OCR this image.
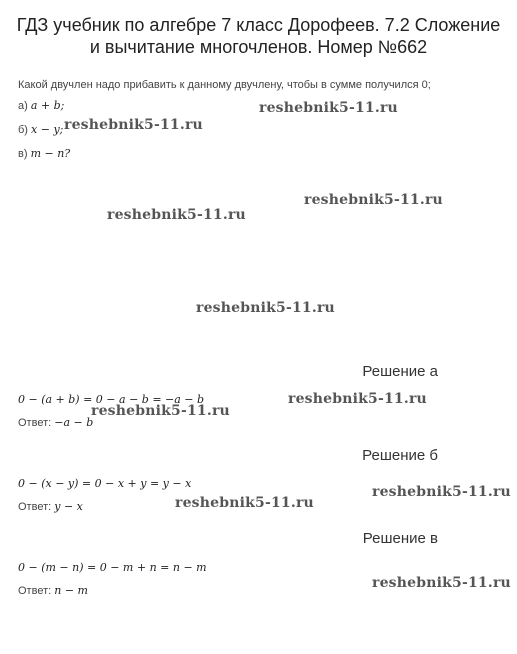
ГДЗ учебник по алгебре 7 класс Дорофеев. 7.2 Сложение и вычитание многочленов. Номер №662
Какой двучлен надо прибавить к данному двучлену, чтобы в сумме получился 0;
а) a + b;
б) x − y;
в) m − n?
Решение а
0 − (a + b) = 0 − a − b = −a − b
Ответ: −a − b
Решение б
0 − (x − y) = 0 − x + y = y − x
Ответ: y − x
Решение в
0 − (m − n) = 0 − m + n = n − m
Ответ: n − m
reshebnik5-11.ru
reshebnik5-11.ru
reshebnik5-11.ru
reshebnik5-11.ru
reshebnik5-11.ru
reshebnik5-11.ru
reshebnik5-11.ru
reshebnik5-11.ru
reshebnik5-11.ru
reshebnik5-11.ru
